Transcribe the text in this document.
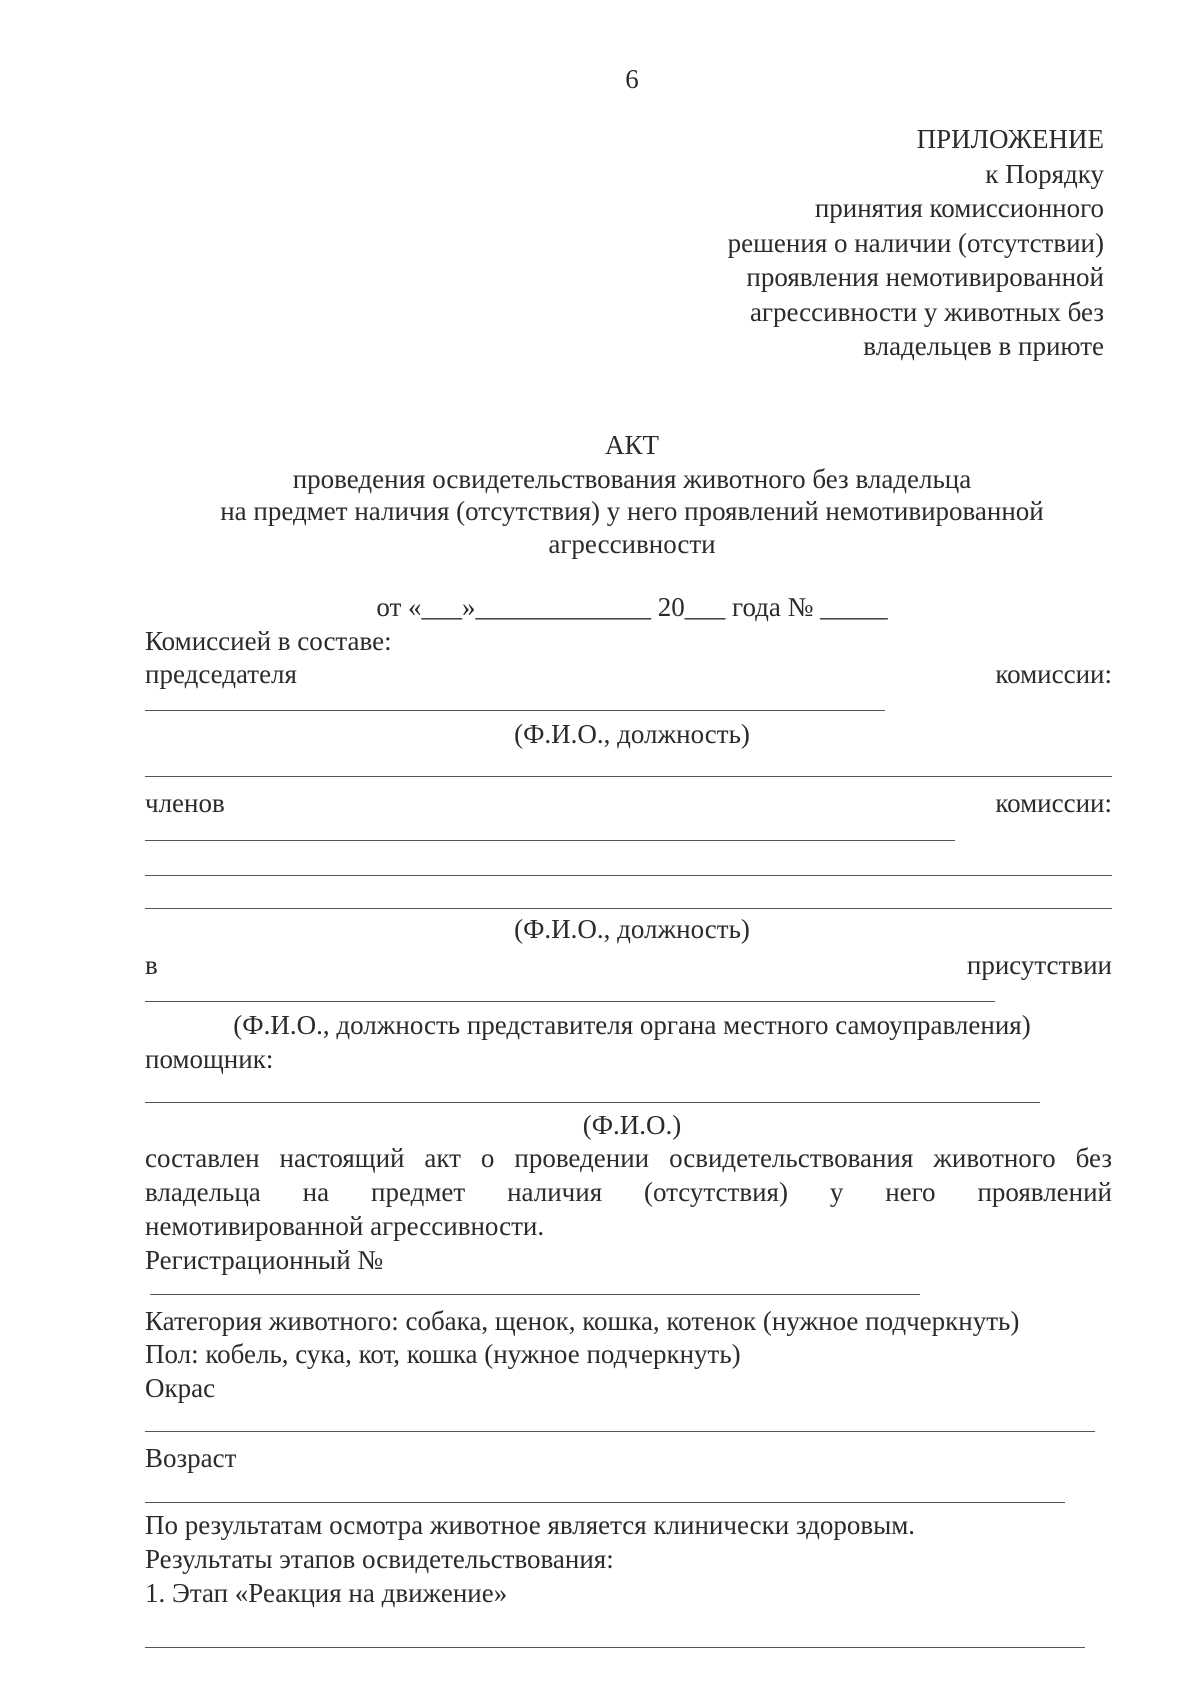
6
ПРИЛОЖЕНИЕ
к Порядку
принятия комиссионного
решения о наличии (отсутствии)
проявления немотивированной
агрессивности у животных без
владельцев в приюте
АКТ
проведения освидетельствования животного без владельца
на предмет наличия (отсутствия) у него проявлений немотивированной
агрессивности
от «___»_____________ 20___ года № _____
Комиссией в составе:
председателя	комиссии:
(Ф.И.О., должность)
членов	комиссии:
(Ф.И.О., должность)
в	присутствии
(Ф.И.О., должность представителя органа местного самоуправления)
помощник:
(Ф.И.О.)
составлен настоящий акт о проведении освидетельствования животного без
владельца на предмет наличия (отсутствия) у него проявлений
немотивированной агрессивности.
Регистрационный №
Категория животного: собака, щенок, кошка, котенок (нужное подчеркнуть)
Пол: кобель, сука, кот, кошка (нужное подчеркнуть)
Окрас
Возраст
По результатам осмотра животное является клинически здоровым.
Результаты этапов освидетельствования:
1. Этап «Реакция на движение»
